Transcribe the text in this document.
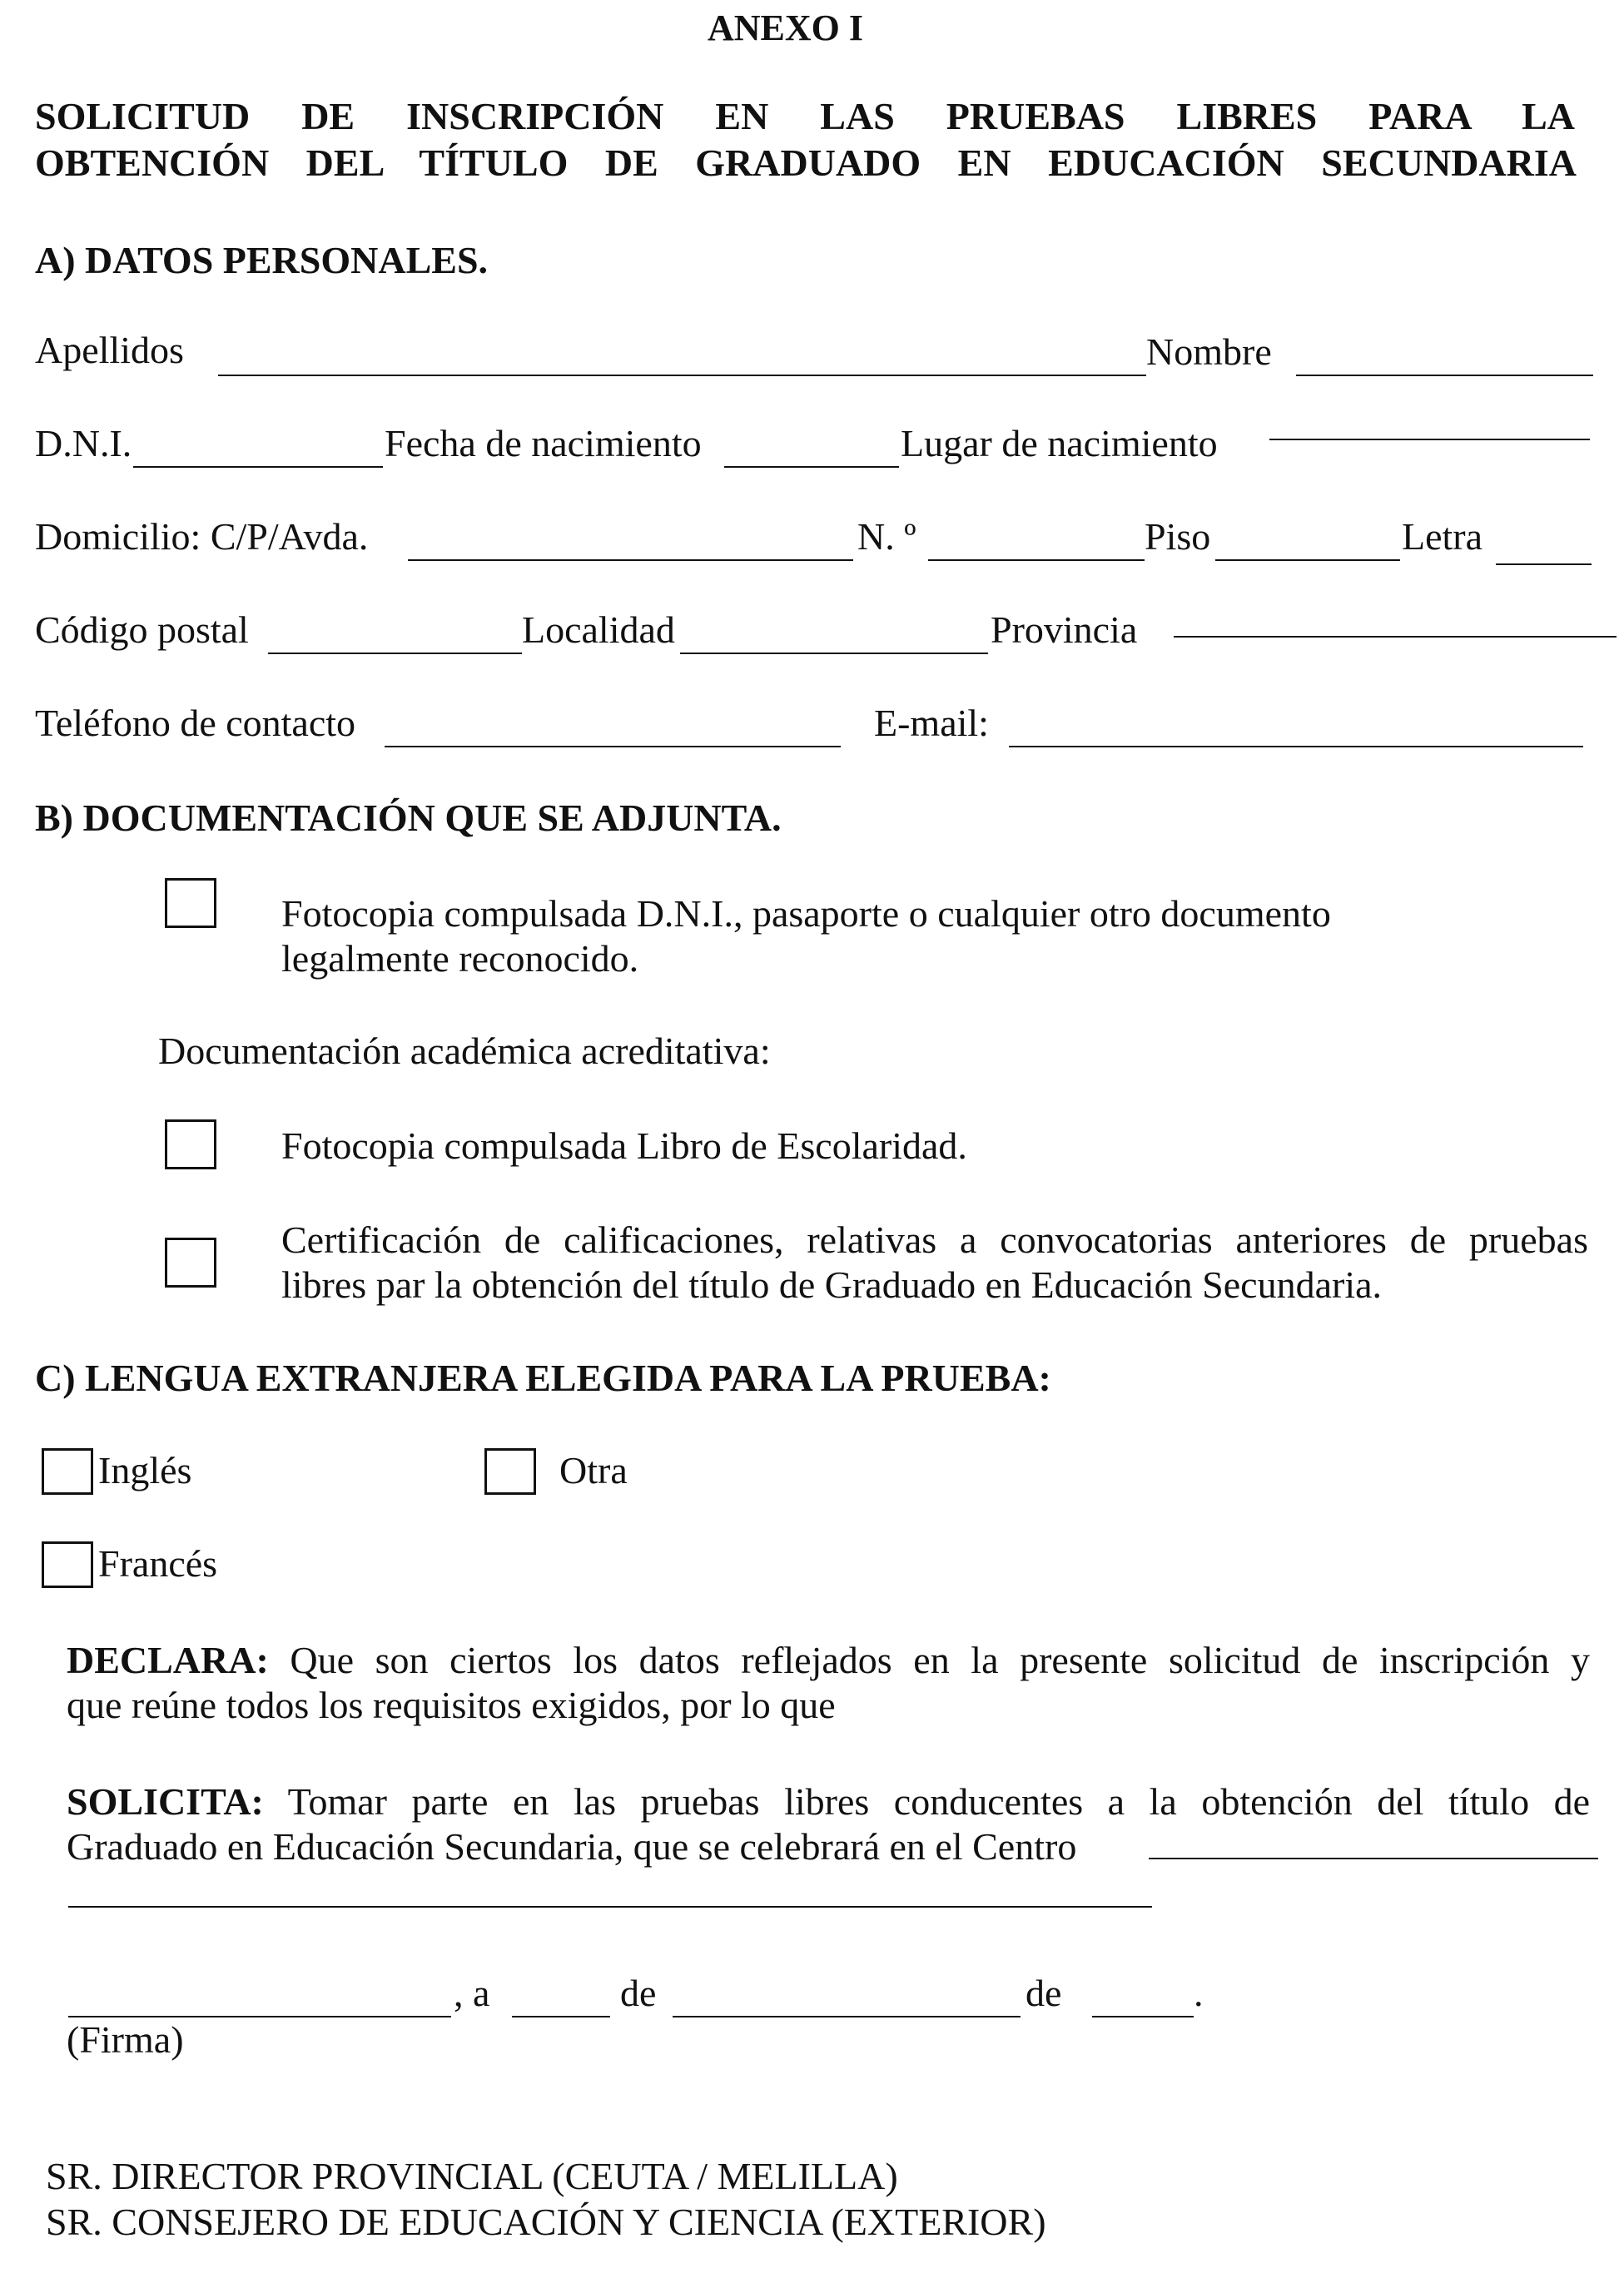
ANEXO I
SOLICITUD DE INSCRIPCIÓN EN LAS PRUEBAS LIBRES PARA LA
OBTENCIÓN DEL TÍTULO DE GRADUADO EN EDUCACIÓN SECUNDARIA
A) DATOS PERSONALES.
Apellidos	Nombre
D.N.I.	Fecha de nacimiento	Lugar de nacimiento
Domicilio: C/P/Avda.	N. º	Piso	Letra
Código postal	Localidad	Provincia
Teléfono de contacto	E-mail:
B) DOCUMENTACIÓN QUE SE ADJUNTA.
Fotocopia compulsada D.N.I., pasaporte o cualquier otro documento
legalmente reconocido.
Documentación académica acreditativa:
Fotocopia compulsada Libro de Escolaridad.
Certificación de calificaciones, relativas a convocatorias anteriores de pruebas
libres par la obtención del título de Graduado en Educación Secundaria.
C) LENGUA EXTRANJERA ELEGIDA PARA LA PRUEBA:
Inglés	Otra
Francés
DECLARA: Que son ciertos los datos reflejados en la presente solicitud de inscripción y
que reúne todos los requisitos exigidos, por lo que
SOLICITA: Tomar parte en las pruebas libres conducentes a la obtención del título de
Graduado en Educación Secundaria, que se celebrará en el Centro
, a	de	de	.
(Firma)
SR. DIRECTOR PROVINCIAL (CEUTA / MELILLA)
SR. CONSEJERO DE EDUCACIÓN Y CIENCIA (EXTERIOR)
